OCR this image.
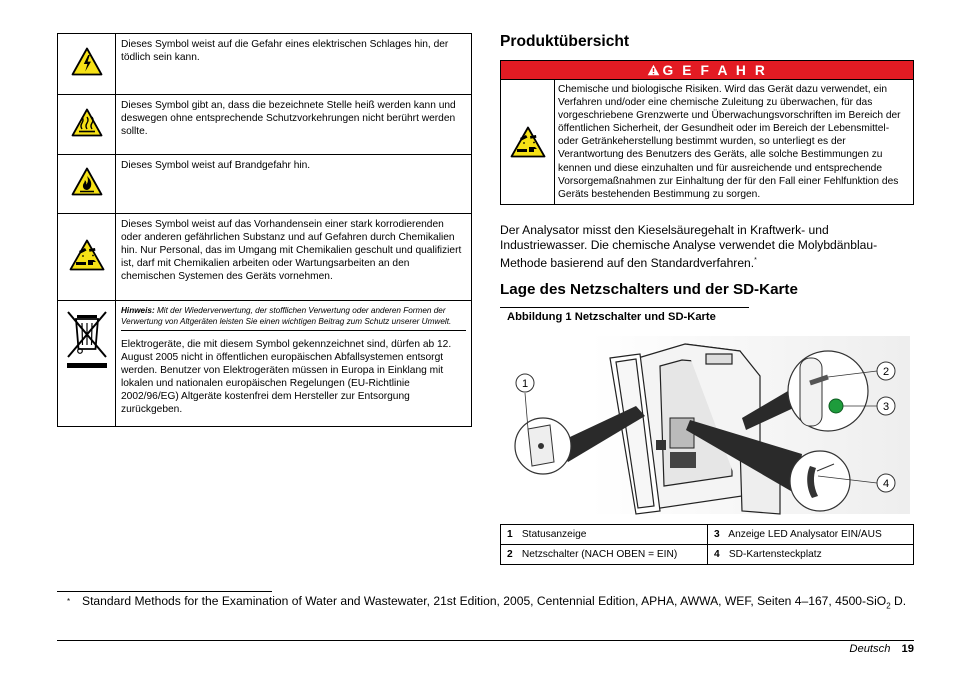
	Dieses Symbol weist auf die Gefahr eines elektrischen Schlages hin, der tödlich sein kann.
	Dieses Symbol gibt an, dass die bezeichnete Stelle heiß werden kann und deswegen ohne entsprechende Schutzvorkehrungen nicht berührt werden sollte.
	Dieses Symbol weist auf Brandgefahr hin.
	Dieses Symbol weist auf das Vorhandensein einer stark korrodierenden oder anderen gefährlichen Substanz und auf Gefahren durch Chemikalien hin. Nur Personal, das im Umgang mit Chemikalien geschult und qualifiziert ist, darf mit Chemikalien arbeiten oder Wartungsarbeiten an den chemischen Systemen des Geräts vornehmen.

Hinweis: Mit der Wiederverwertung, der stofflichen Verwertung oder anderen Formen der Verwertung von Altgeräten leisten Sie einen wichtigen Beitrag zum Schutz unserer Umwelt.

Elektrogeräte, die mit diesem Symbol gekennzeichnet sind, dürfen ab 12. August 2005 nicht in öffentlichen europäischen Abfallsystemen entsorgt werden. Benutzer von Elektrogeräten müssen in Europa in Einklang mit lokalen und nationalen europäischen Regelungen (EU-Richtlinie 2002/96/EG) Altgeräte kostenfrei dem Hersteller zur Entsorgung zurückgeben.

Produktübersicht
G E F A H R
Chemische und biologische Risiken. Wird das Gerät dazu verwendet, ein Verfahren und/oder eine chemische Zuleitung zu überwachen, für das vorgeschriebene Grenzwerte und Überwachungsvorschriften im Bereich der öffentlichen Sicherheit, der Gesundheit oder im Bereich der Lebensmittel- oder Getränkeherstellung bestimmt wurden, so unterliegt es der Verantwortung des Benutzers des Geräts, alle solche Bestimmungen zu kennen und diese einzuhalten und für ausreichende und entsprechende Vorsorgemaßnahmen zur Einhaltung der für den Fall einer Fehlfunktion des Geräts bestehenden Bestimmung zu sorgen.
Der Analysator misst den Kieselsäuregehalt in Kraftwerk- und Industriewasser. Die chemische Analyse verwendet die Molybdänblau-Methode basierend auf den Standardverfahren.*
Lage des Netzschalters und der SD-Karte
Abbildung 1 Netzschalter und SD-Karte
1
2
3
4
1 Statusanzeige	3 Anzeige LED Analysator EIN/AUS
2 Netzschalter (NACH OBEN = EIN)	4 SD-Kartensteckplatz
* Standard Methods for the Examination of Water and Wastewater, 21st Edition, 2005, Centennial Edition, APHA, AWWA, WEF, Seiten 4–167, 4500-SiO$_2$ D.
Deutsch 19
